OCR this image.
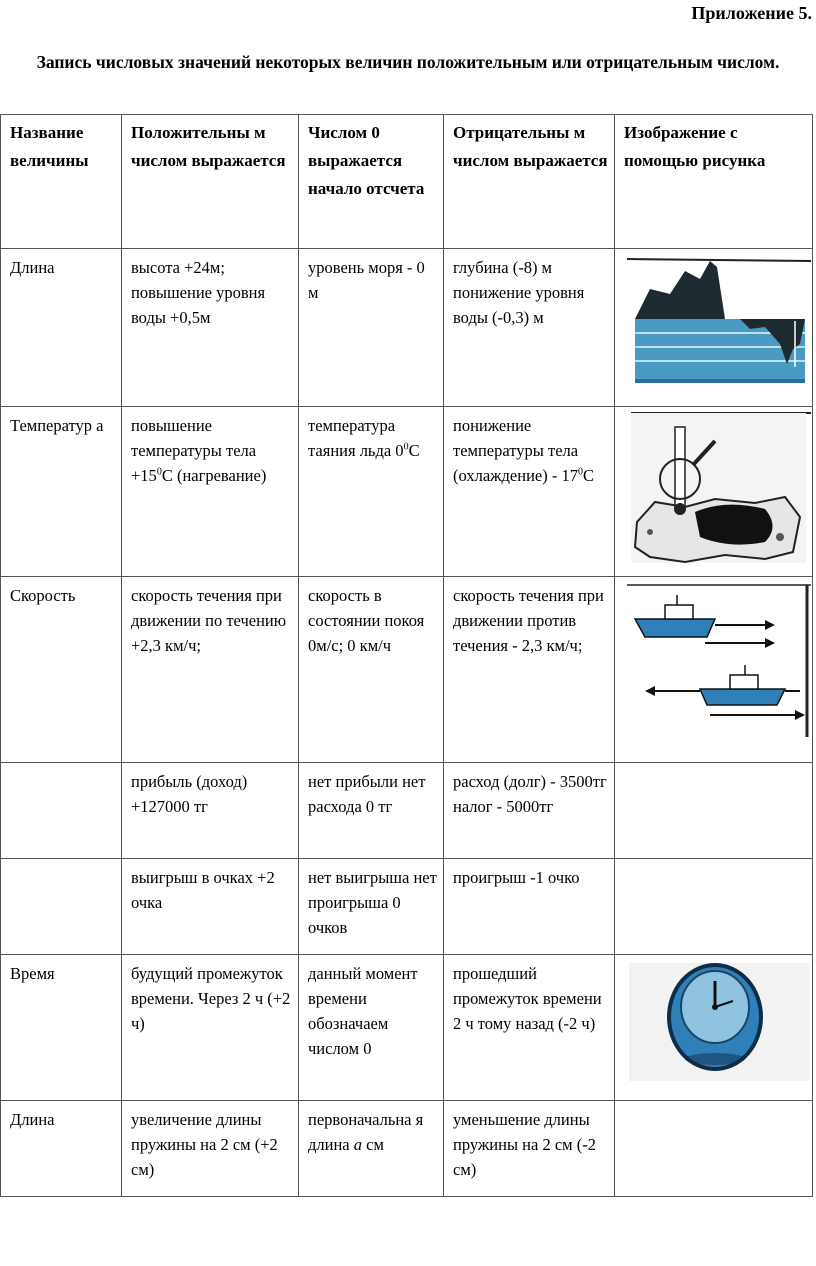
Приложение 5.
Запись числовых значений некоторых величин положительным или отрицательным числом.
Название величины	Положительны м числом выражается	Числом 0 выражается начало отсчета	Отрицательны м числом выражается	Изображение с помощью рисунка
Длина	высота +24м; повышение уровня воды +0,5м	уровень моря - 0 м	глубина (-8) м понижение уровня воды (-0,3) м	

Температур а	повышение температуры тела $+15^0С$ (нагревание)	температура таяния льда $0^0С$	понижение температуры тела (охлаждение) - $17^0С$	

Скорость	скорость течения при движении по течению +2,3 км/ч;	скорость в состоянии покоя 0м/с; 0 км/ч	скорость течения при движении против течения - 2,3 км/ч;	

	прибыль (доход) +127000 тг	нет прибыли нет расхода 0 тг	расход (долг) - 3500тг налог - 5000тг	
	выигрыш в очках +2 очка	нет выигрыша нет проигрыша 0 очков	проигрыш -1 очко	
Время	будущий промежуток времени. Через 2 ч (+2 ч)	данный момент времени обозначаем числом 0	прошедший промежуток времени 2 ч тому назад (-2 ч)	

Длина	увеличение длины пружины на 2 см (+2 см)	первоначальна я длина a см	уменьшение длины пружины на 2 см (-2 см)	
